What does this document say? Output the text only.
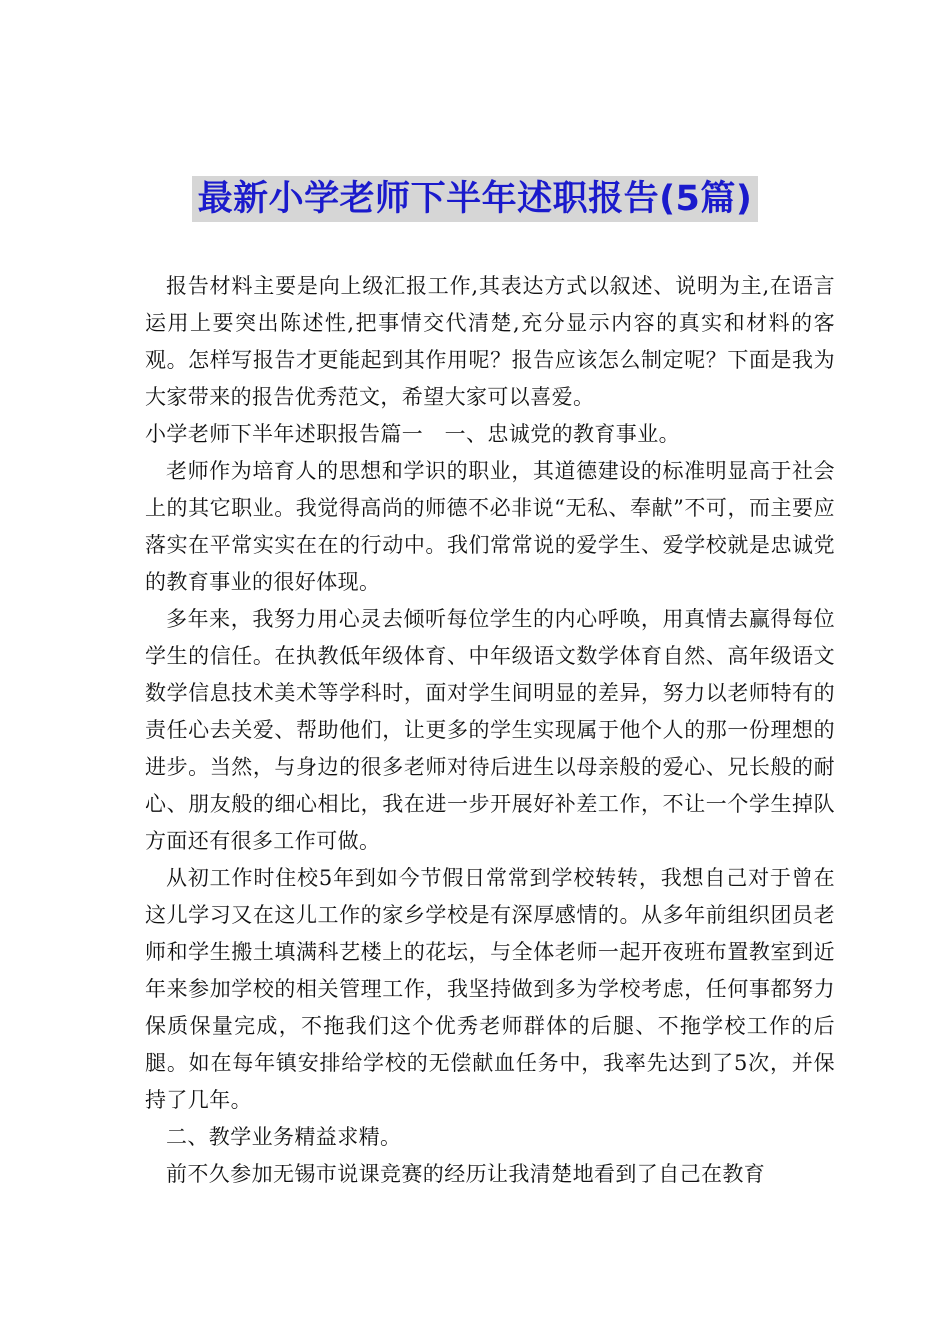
最新小学老师下半年述职报告(5篇)

报告材料主要是向上级汇报工作,其表达方式以叙述、说明为主,在语言运用上要突出陈述性,把事情交代清楚,充分显示内容的真实和材料的客观。怎样写报告才更能起到其作用呢？报告应该怎么制定呢？下面是我为大家带来的报告优秀范文，希望大家可以喜爱。

小学老师下半年述职报告篇一　一、忠诚党的教育事业。

老师作为培育人的思想和学识的职业，其道德建设的标准明显高于社会上的其它职业。我觉得高尚的师德不必非说“无私、奉献”不可，而主要应落实在平常实实在在的行动中。我们常常说的爱学生、爱学校就是忠诚党的教育事业的很好体现。

多年来，我努力用心灵去倾听每位学生的内心呼唤，用真情去赢得每位学生的信任。在执教低年级体育、中年级语文数学体育自然、高年级语文数学信息技术美术等学科时，面对学生间明显的差异，努力以老师特有的责任心去关爱、帮助他们，让更多的学生实现属于他个人的那一份理想的进步。当然，与身边的很多老师对待后进生以母亲般的爱心、兄长般的耐心、朋友般的细心相比，我在进一步开展好补差工作，不让一个学生掉队方面还有很多工作可做。

从初工作时住校5年到如今节假日常常到学校转转，我想自己对于曾在这儿学习又在这儿工作的家乡学校是有深厚感情的。从多年前组织团员老师和学生搬土填满科艺楼上的花坛，与全体老师一起开夜班布置教室到近年来参加学校的相关管理工作，我坚持做到多为学校考虑，任何事都努力保质保量完成，不拖我们这个优秀老师群体的后腿、不拖学校工作的后腿。如在每年镇安排给学校的无偿献血任务中，我率先达到了5次，并保持了几年。

二、教学业务精益求精。

前不久参加无锡市说课竞赛的经历让我清楚地看到了自己在教育
